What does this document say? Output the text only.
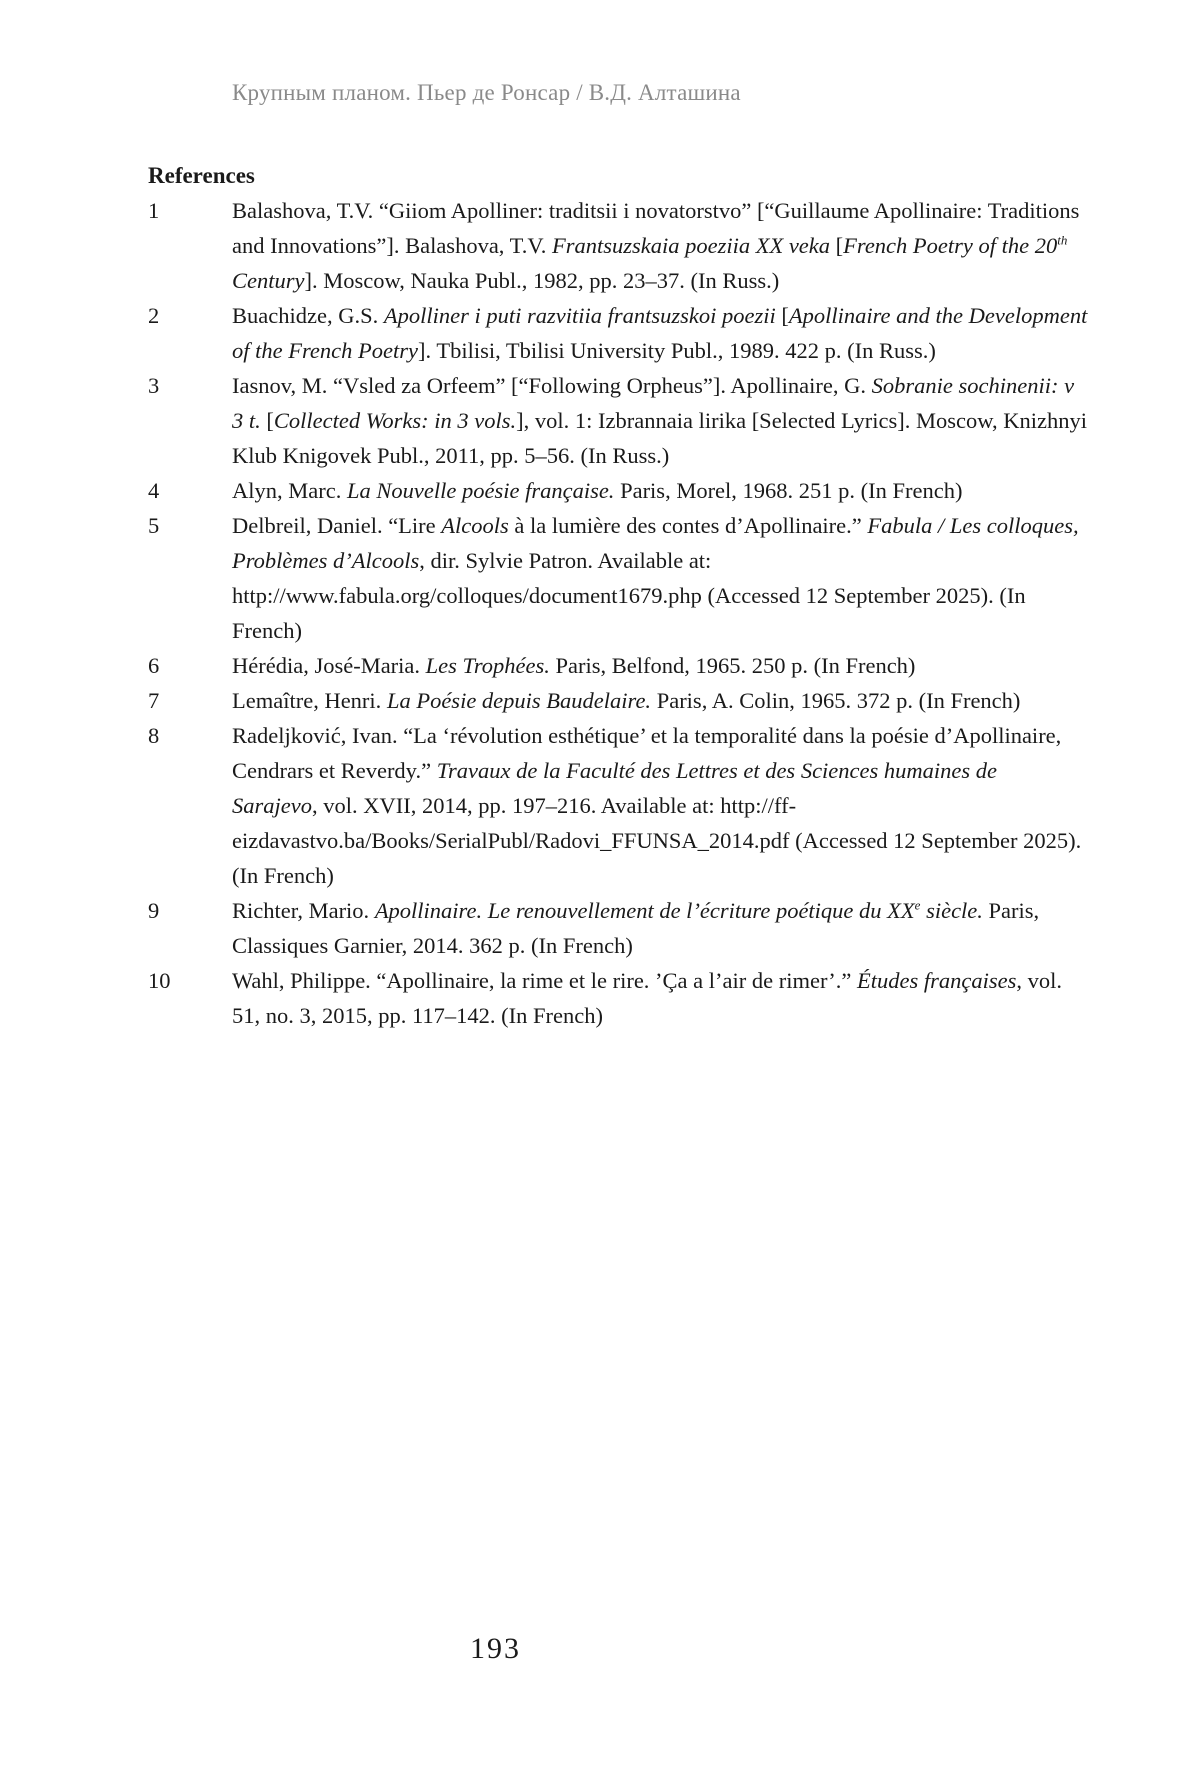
Крупным планом. Пьер де Ронсар / В.Д. Алташина
References
1	Balashova, T.V. “Giiom Apolliner: traditsii i novatorstvo” [“Guillaume Apollinaire: Traditions and Innovations”]. Balashova, T.V. Frantsuzskaia poeziia XX veka [French Poetry of the 20th Century]. Moscow, Nauka Publ., 1982, pp. 23–37. (In Russ.)
2	Buachidze, G.S. Apolliner i puti razvitiia frantsuzskoi poezii [Apollinaire and the Development of the French Poetry]. Tbilisi, Tbilisi University Publ., 1989. 422 p. (In Russ.)
3	Iasnov, M. “Vsled za Orfeem” [“Following Orpheus”]. Apollinaire, G. Sobranie sochinenii: v 3 t. [Collected Works: in 3 vols.], vol. 1: Izbrannaia lirika [Selected Lyrics]. Moscow, Knizhnyi Klub Knigovek Publ., 2011, pp. 5–56. (In Russ.)
4	Alyn, Marc. La Nouvelle poésie française. Paris, Morel, 1968. 251 p. (In French)
5	Delbreil, Daniel. “Lire Alcools à la lumière des contes d’Apollinaire.” Fabula / Les colloques, Problèmes d’Alcools, dir. Sylvie Patron. Available at: http://www.fabula.org/colloques/document1679.php (Accessed 12 September 2025). (In French)
6	Hérédia, José-Maria. Les Trophées. Paris, Belfond, 1965. 250 p. (In French)
7	Lemaître, Henri. La Poésie depuis Baudelaire. Paris, A. Colin, 1965. 372 p. (In French)
8	Radeljković, Ivan. “La ‘révolution esthétique’ et la temporalité dans la poésie d’Apollinaire, Cendrars et Reverdy.” Travaux de la Faculté des Lettres et des Sciences humaines de Sarajevo, vol. XVII, 2014, pp. 197–216. Available at: http://ff-eizdavastvo.ba/Books/SerialPubl/Radovi_FFUNSA_2014.pdf (Accessed 12 September 2025). (In French)
9	Richter, Mario. Apollinaire. Le renouvellement de l’écriture poétique du XXe siècle. Paris, Classiques Garnier, 2014. 362 p. (In French)
10	Wahl, Philippe. “Apollinaire, la rime et le rire. ’Ça a l’air de rimer’.” Études françaises, vol. 51, no. 3, 2015, pp. 117–142. (In French)
193
